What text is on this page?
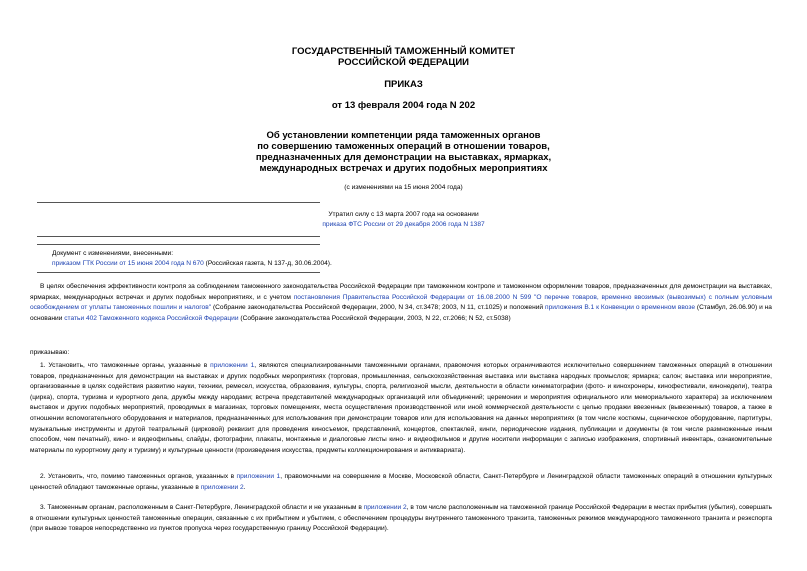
ГОСУДАРСТВЕННЫЙ ТАМОЖЕННЫЙ КОМИТЕТ
РОССИЙСКОЙ ФЕДЕРАЦИИ
ПРИКАЗ
от 13 февраля 2004 года N 202
Об установлении компетенции ряда таможенных органов
по совершению таможенных операций в отношении товаров,
предназначенных для демонстрации на выставках, ярмарках,
международных встречах и других подобных мероприятиях
(с изменениями на 15 июня 2004 года)
Утратил силу с 13 марта 2007 года на основании
приказа ФТС России от 29 декабря 2006 года N 1387
Документ с изменениями, внесенными:
приказом ГТК России от 15 июня 2004 года N 670 (Российская газета, N 137-д, 30.06.2004).
В целях обеспечения эффективности контроля за соблюдением таможенного законодательства Российской Федерации при таможенном контроле и таможенном оформлении товаров, предназначенных для демонстрации на выставках, ярмарках, международных встречах и других подобных мероприятиях, и с учетом постановления Правительства Российской Федерации от 16.08.2000 N 599 "О перечне товаров, временно ввозимых (вывозимых) с полным условным освобождением от уплаты таможенных пошлин и налогов" (Собрание законодательства Российской Федерации, 2000, N 34, ст.3478; 2003, N 11, ст.1025) и положений приложения B.1 к Конвенции о временном ввозе (Стамбул, 26.06.90) и на основании статьи 402 Таможенного кодекса Российской Федерации (Собрание законодательства Российской Федерации, 2003, N 22, ст.2066; N 52, ст.5038)
приказываю:
1. Установить, что таможенные органы, указанные в приложении 1, являются специализированными таможенными органами, правомочия которых ограничиваются исключительно совершением таможенных операций в отношении товаров, предназначенных для демонстрации на выставках и других подобных мероприятиях (торговая, промышленная, сельскохозяйственная выставка или выставка народных промыслов; ярмарка; салон; выставка или мероприятие, организованные в целях содействия развитию науки, техники, ремесел, искусства, образования, культуры, спорта, религиозной мысли, деятельности в области кинематографии (фото- и кинохронеры, кинофестивали, кинонедели), театра (цирка), спорта, туризма и курортного дела, дружбы между народами; встреча представителей международных организаций или объединений; церемонии и мероприятия официального или мемориального характера) за исключением выставок и других подобных мероприятий, проводимых в магазинах, торговых помещениях, места осуществления производственной или иной коммерческой деятельности с целью продажи ввезенных (вывезенных) товаров, а также в отношении вспомогательного оборудования и материалов, предназначенных для использования при демонстрации товаров или для использования на данных мероприятиях (в том числе костюмы, сценическое оборудование, партитуры, музыкальные инструменты и другой театральный (цирковой) реквизит для проведения киносъемок, представлений, концертов, спектаклей, кинги, периодические издания, публикации и документы (в том числе размноженные иным способом, чем печатный), кино- и видеофильмы, слайды, фотографии, плакаты, монтажные и диалоговые листы кино- и видеофильмов и другие носители информации с записью изображения, спортивный инвентарь, ознакомительные материалы по курортному делу и туризму) и культурные ценности (произведения искусства, предметы коллекционирования и антиквариата).
2. Установить, что, помимо таможенных органов, указанных в приложении 1, правомочными на совершение в Москве, Московской области, Санкт-Петербурге и Ленинградской области таможенных операций в отношении культурных ценностей обладают таможенные органы, указанные в приложении 2.
3. Таможенным органам, расположенным в Санкт-Петербурге, Ленинградской области и не указанным в приложении 2, в том числе расположенным на таможенной границе Российской Федерации в местах прибытия (убытия), совершать в отношении культурных ценностей таможенные операции, связанные с их прибытием и убытием, с обеспечением процедуры внутреннего таможенного транзита, таможенных режимов международного таможенного транзита и реэкспорта (при вывозе товаров непосредственно из пунктов пропуска через государственную границу Российской Федерации).
